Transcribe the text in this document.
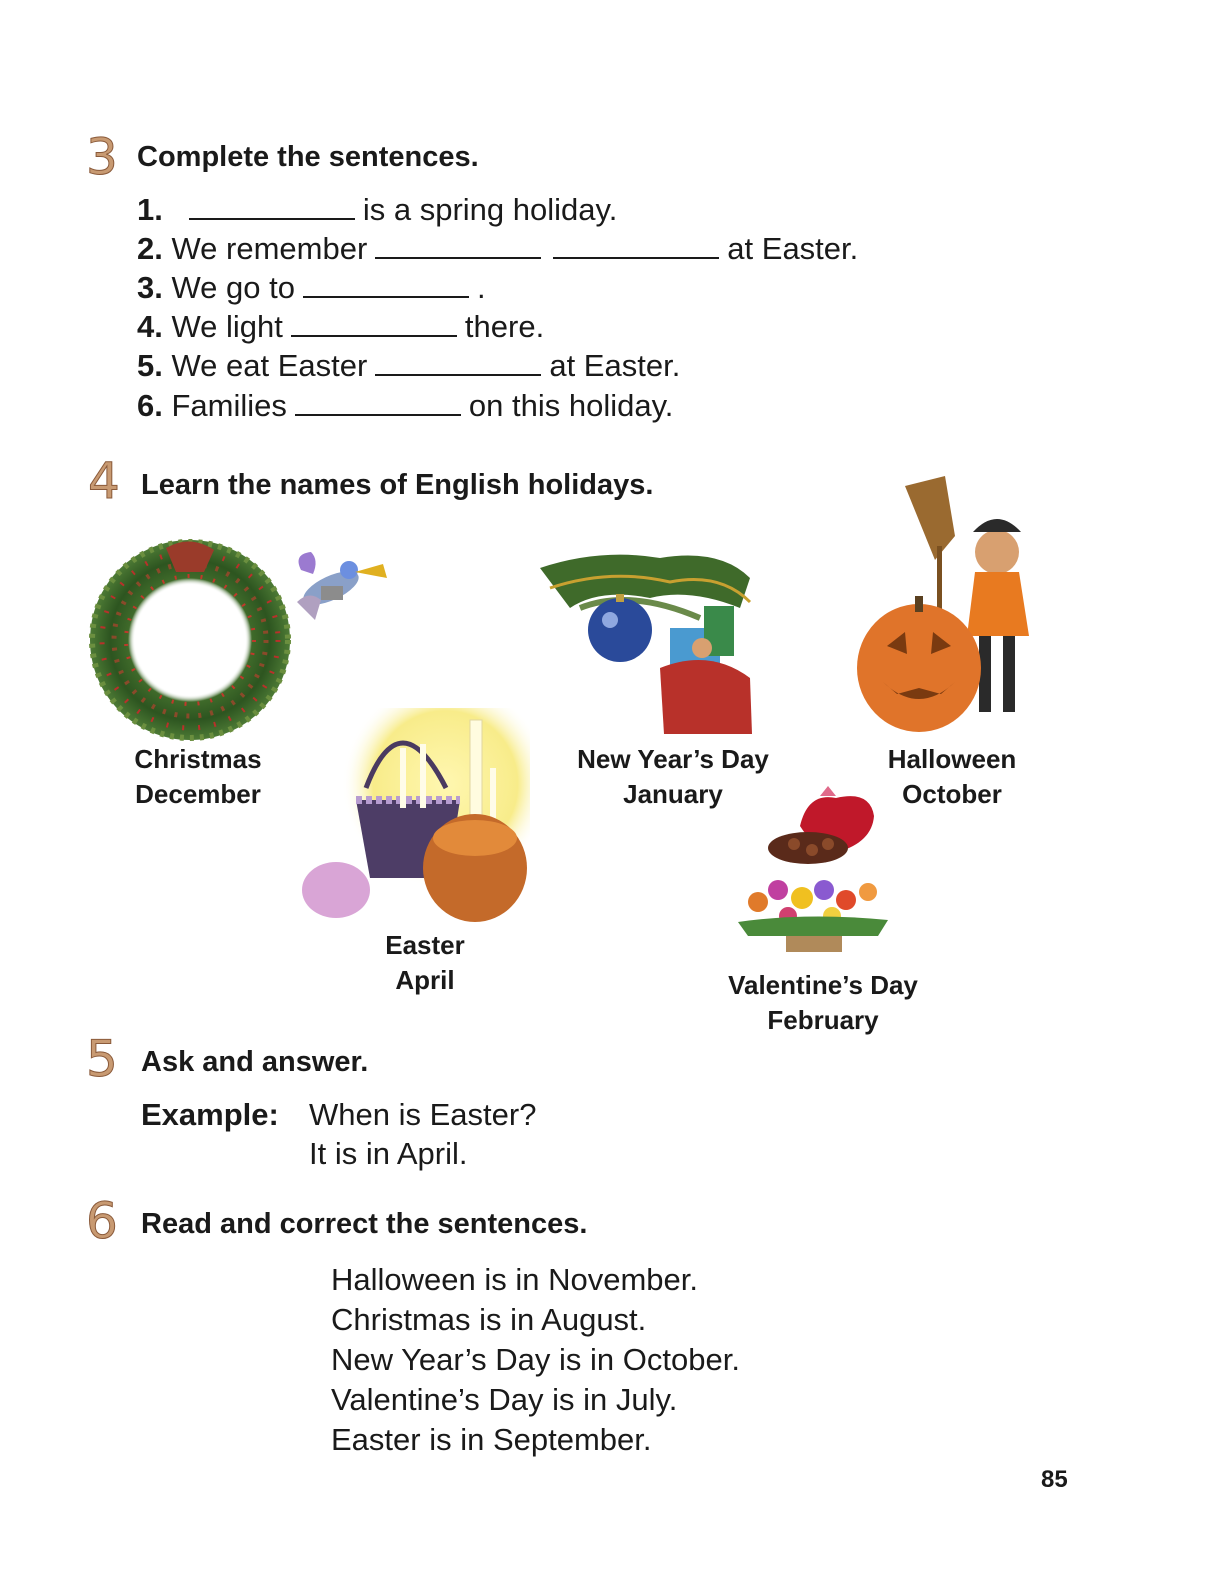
3 Complete the sentences.
1.	is a spring holiday.
2. We remember	at Easter.
3. We go to	.
4. We light	there.
5. We eat Easter	at Easter.
6. Families	on this holiday.
4 Learn the names of English holidays.
Christmas
December
Easter
April
New Year’s Day
January
Halloween
October
Valentine’s Day
February
5 Ask and answer.
Example: When is Easter?
It is in April.
6 Read and correct the sentences.
Halloween is in November.
Christmas is in August.
New Year’s Day is in October.
Valentine’s Day is in July.
Easter is in September.
85
